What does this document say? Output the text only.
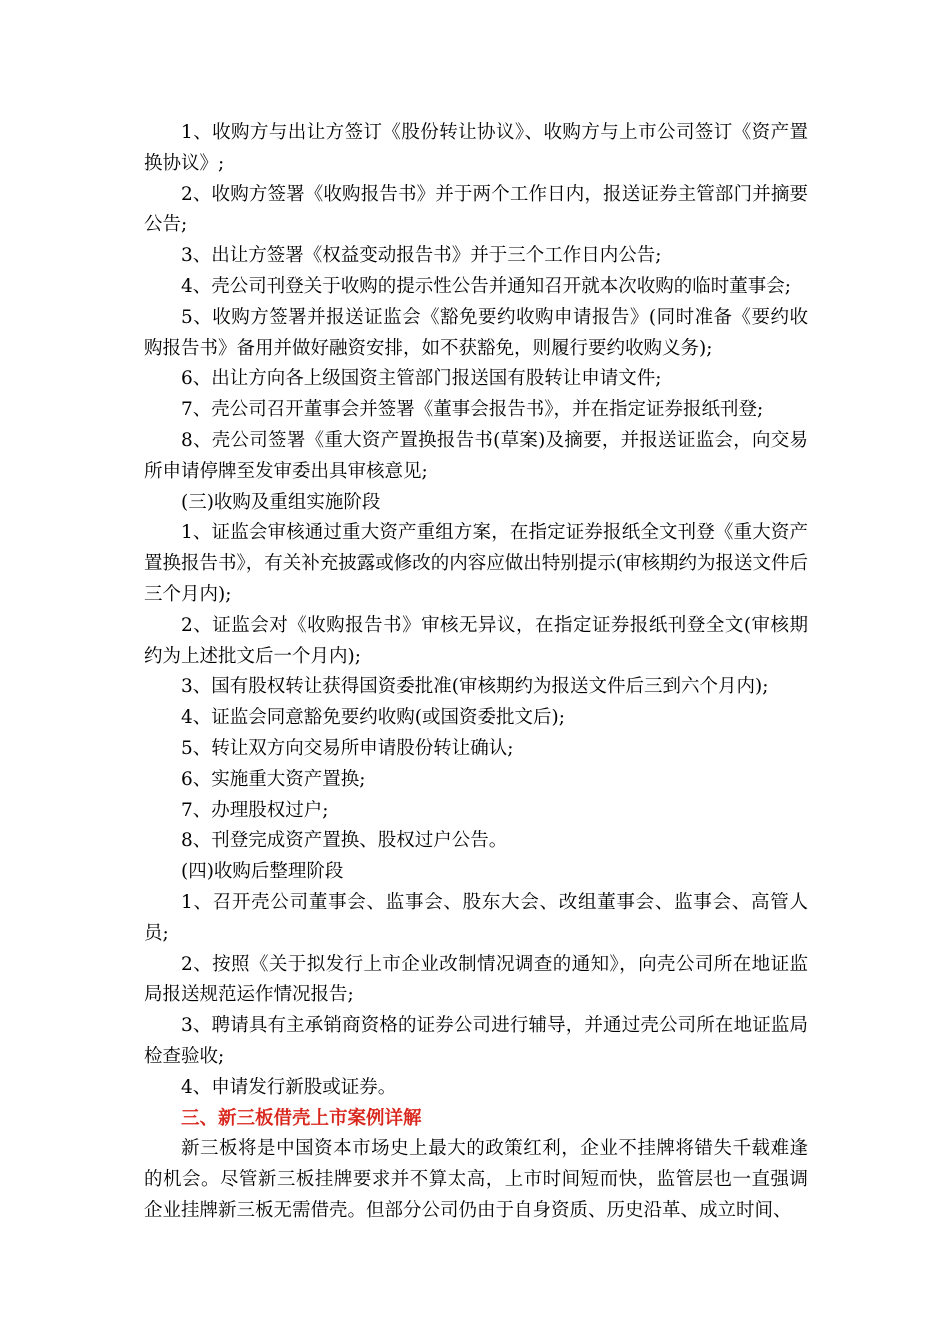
1、收购方与出让方签订《股份转让协议》、收购方与上市公司签订《资产置换协议》;

2、收购方签署《收购报告书》并于两个工作日内，报送证券主管部门并摘要公告;

3、出让方签署《权益变动报告书》并于三个工作日内公告;

4、壳公司刊登关于收购的提示性公告并通知召开就本次收购的临时董事会;

5、收购方签署并报送证监会《豁免要约收购申请报告》(同时准备《要约收购报告书》备用并做好融资安排，如不获豁免，则履行要约收购义务);

6、出让方向各上级国资主管部门报送国有股转让申请文件;

7、壳公司召开董事会并签署《董事会报告书》，并在指定证券报纸刊登;

8、壳公司签署《重大资产置换报告书(草案)及摘要，并报送证监会，向交易所申请停牌至发审委出具审核意见;

(三)收购及重组实施阶段

1、证监会审核通过重大资产重组方案，在指定证券报纸全文刊登《重大资产置换报告书》，有关补充披露或修改的内容应做出特别提示(审核期约为报送文件后三个月内);

2、证监会对《收购报告书》审核无异议，在指定证券报纸刊登全文(审核期约为上述批文后一个月内);

3、国有股权转让获得国资委批准(审核期约为报送文件后三到六个月内);

4、证监会同意豁免要约收购(或国资委批文后);

5、转让双方向交易所申请股份转让确认;

6、实施重大资产置换;

7、办理股权过户;

8、刊登完成资产置换、股权过户公告。

(四)收购后整理阶段

1、召开壳公司董事会、监事会、股东大会、改组董事会、监事会、高管人员;

2、按照《关于拟发行上市企业改制情况调查的通知》，向壳公司所在地证监局报送规范运作情况报告;

3、聘请具有主承销商资格的证券公司进行辅导，并通过壳公司所在地证监局检查验收;

4、申请发行新股或证券。

三、新三板借壳上市案例详解

新三板将是中国资本市场史上最大的政策红利，企业不挂牌将错失千载难逢的机会。尽管新三板挂牌要求并不算太高，上市时间短而快，监管层也一直强调企业挂牌新三板无需借壳。但部分公司仍由于自身资质、历史沿革、成立时间、
